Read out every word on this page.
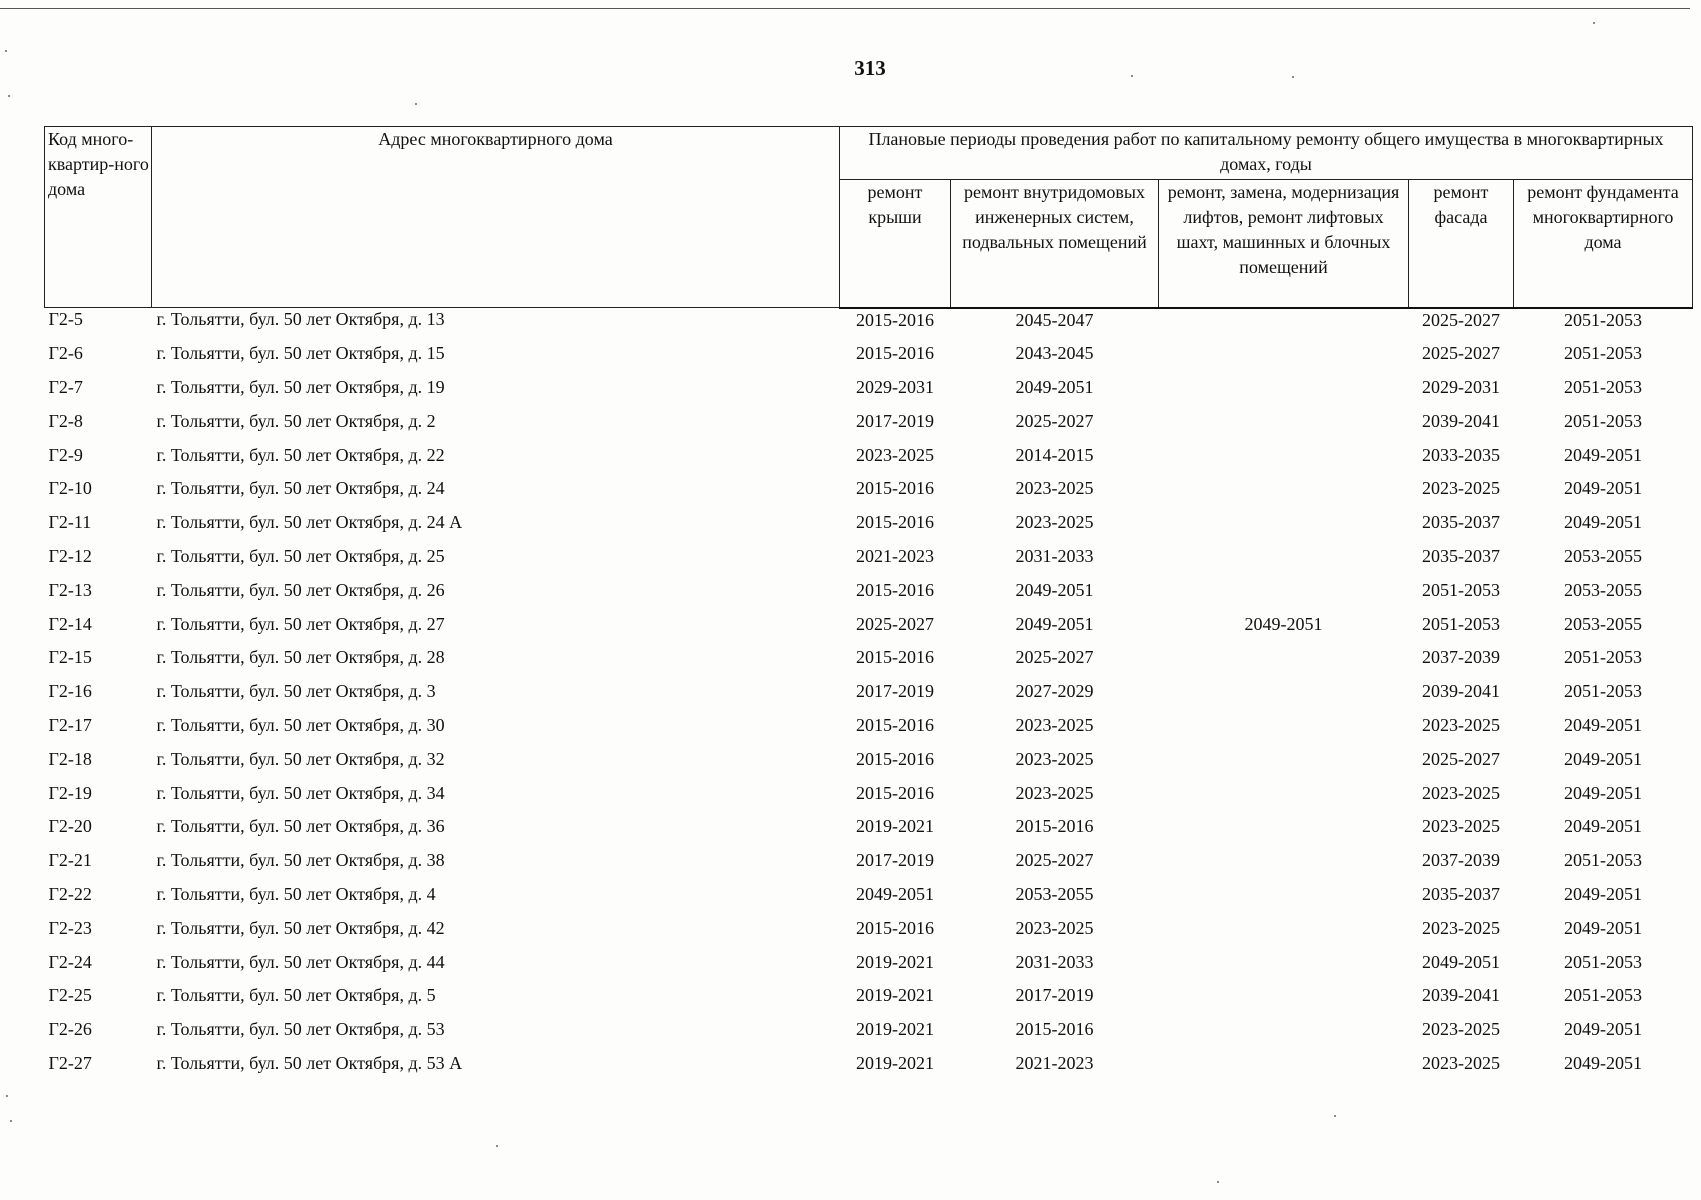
313
Код много-квартир-ного дома	Адрес многоквартирного дома	Плановые периоды проведения работ по капитальному ремонту общего имущества в многоквартирных домах, годы				
		ремонт крыши	ремонт внутридомовых инженерных систем, подвальных помещений	ремонт, замена, модернизация лифтов, ремонт лифтовых шахт, машинных и блочных помещений	ремонт фасада	ремонт фундамента многоквартирного дома
Г2-5	г. Тольятти, бул. 50 лет Октября, д. 13	2015-2016	2045-2047		2025-2027	2051-2053
Г2-6	г. Тольятти, бул. 50 лет Октября, д. 15	2015-2016	2043-2045		2025-2027	2051-2053
Г2-7	г. Тольятти, бул. 50 лет Октября, д. 19	2029-2031	2049-2051		2029-2031	2051-2053
Г2-8	г. Тольятти, бул. 50 лет Октября, д. 2	2017-2019	2025-2027		2039-2041	2051-2053
Г2-9	г. Тольятти, бул. 50 лет Октября, д. 22	2023-2025	2014-2015		2033-2035	2049-2051
Г2-10	г. Тольятти, бул. 50 лет Октября, д. 24	2015-2016	2023-2025		2023-2025	2049-2051
Г2-11	г. Тольятти, бул. 50 лет Октября, д. 24 А	2015-2016	2023-2025		2035-2037	2049-2051
Г2-12	г. Тольятти, бул. 50 лет Октября, д. 25	2021-2023	2031-2033		2035-2037	2053-2055
Г2-13	г. Тольятти, бул. 50 лет Октября, д. 26	2015-2016	2049-2051		2051-2053	2053-2055
Г2-14	г. Тольятти, бул. 50 лет Октября, д. 27	2025-2027	2049-2051	2049-2051	2051-2053	2053-2055
Г2-15	г. Тольятти, бул. 50 лет Октября, д. 28	2015-2016	2025-2027		2037-2039	2051-2053
Г2-16	г. Тольятти, бул. 50 лет Октября, д. 3	2017-2019	2027-2029		2039-2041	2051-2053
Г2-17	г. Тольятти, бул. 50 лет Октября, д. 30	2015-2016	2023-2025		2023-2025	2049-2051
Г2-18	г. Тольятти, бул. 50 лет Октября, д. 32	2015-2016	2023-2025		2025-2027	2049-2051
Г2-19	г. Тольятти, бул. 50 лет Октября, д. 34	2015-2016	2023-2025		2023-2025	2049-2051
Г2-20	г. Тольятти, бул. 50 лет Октября, д. 36	2019-2021	2015-2016		2023-2025	2049-2051
Г2-21	г. Тольятти, бул. 50 лет Октября, д. 38	2017-2019	2025-2027		2037-2039	2051-2053
Г2-22	г. Тольятти, бул. 50 лет Октября, д. 4	2049-2051	2053-2055		2035-2037	2049-2051
Г2-23	г. Тольятти, бул. 50 лет Октября, д. 42	2015-2016	2023-2025		2023-2025	2049-2051
Г2-24	г. Тольятти, бул. 50 лет Октября, д. 44	2019-2021	2031-2033		2049-2051	2051-2053
Г2-25	г. Тольятти, бул. 50 лет Октября, д. 5	2019-2021	2017-2019		2039-2041	2051-2053
Г2-26	г. Тольятти, бул. 50 лет Октября, д. 53	2019-2021	2015-2016		2023-2025	2049-2051
Г2-27	г. Тольятти, бул. 50 лет Октября, д. 53 А	2019-2021	2021-2023		2023-2025	2049-2051
